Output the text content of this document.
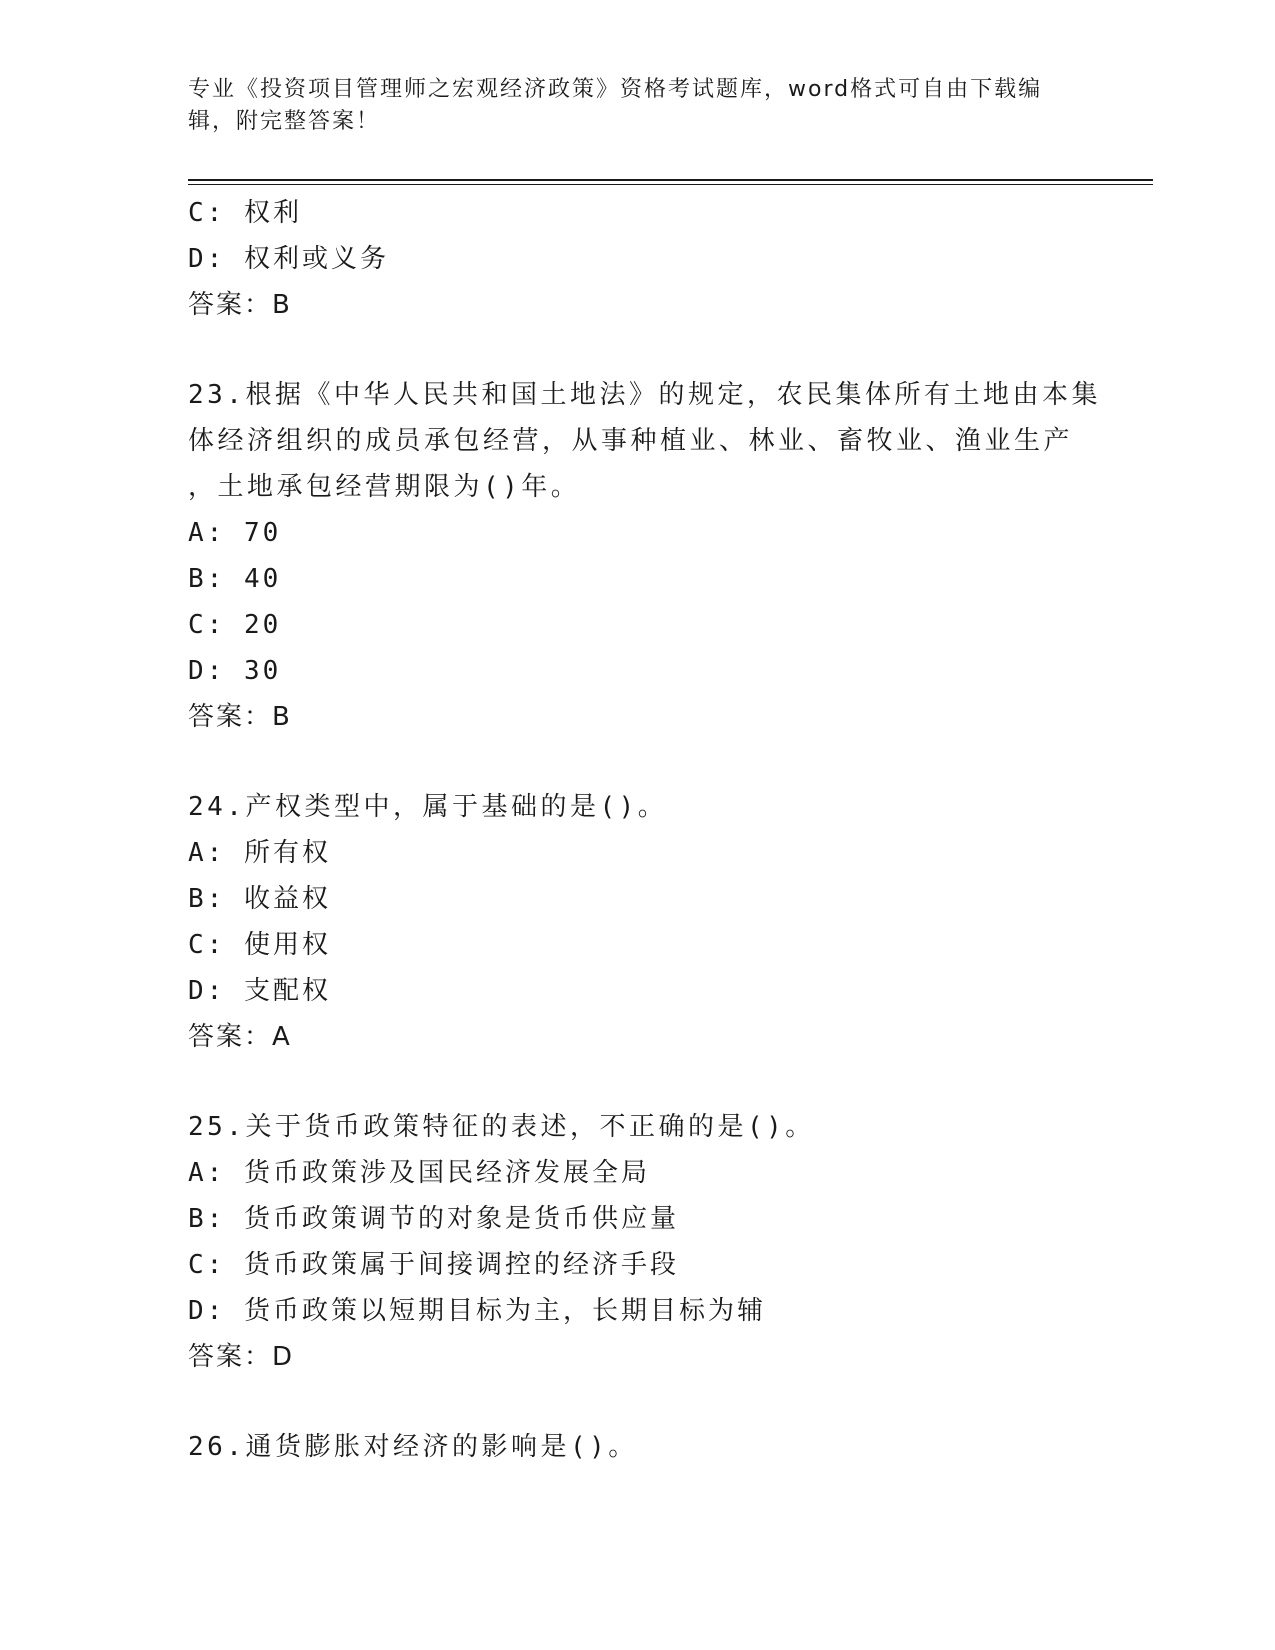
专业《投资项目管理师之宏观经济政策》资格考试题库，word格式可自由下载编
辑，附完整答案！
C: 权利
D: 权利或义务
答案：B
23.根据《中华人民共和国土地法》的规定，农民集体所有土地由本集
体经济组织的成员承包经营，从事种植业、林业、畜牧业、渔业生产
，土地承包经营期限为()年。
A: 70
B: 40
C: 20
D: 30
答案：B
24.产权类型中，属于基础的是()。
A: 所有权
B: 收益权
C: 使用权
D: 支配权
答案：A
25.关于货币政策特征的表述，不正确的是()。
A: 货币政策涉及国民经济发展全局
B: 货币政策调节的对象是货币供应量
C: 货币政策属于间接调控的经济手段
D: 货币政策以短期目标为主，长期目标为辅
答案：D
26.通货膨胀对经济的影响是()。
